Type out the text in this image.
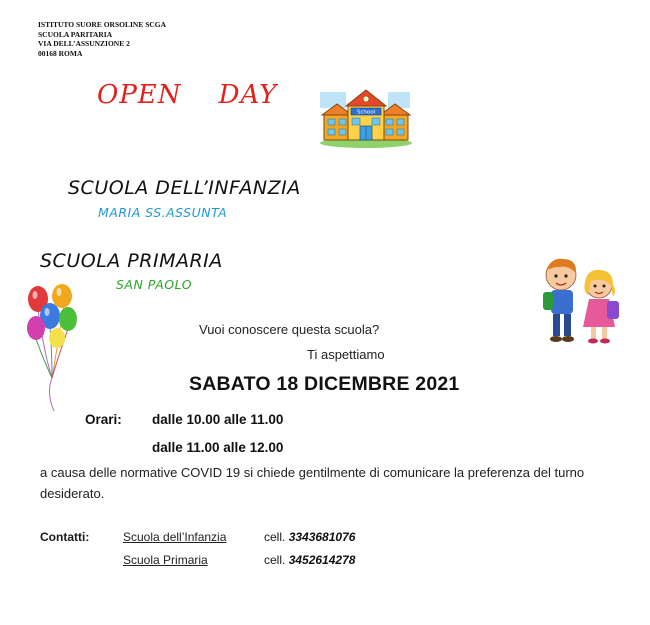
ISTITUTO SUORE ORSOLINE SCGA
SCUOLA PARITARIA
VIA DELL’ASSUNZIONE 2
00168 ROMA
OPEN    DAY
School
SCUOLA DELL’INFANZIA
MARIA SS.ASSUNTA
SCUOLA PRIMARIA
SAN PAOLO
Vuoi conoscere questa scuola?
Ti aspettiamo
SABATO 18 DICEMBRE 2021
Orari: dalle 10.00 alle 11.00
dalle 11.00 alle 12.00
a causa delle normative COVID 19 si chiede gentilmente di comunicare la preferenza del turno desiderato.
Contatti:	Scuola dell’Infanzia	cell. 3343681076
Scuola Primaria	cell. 3452614278
